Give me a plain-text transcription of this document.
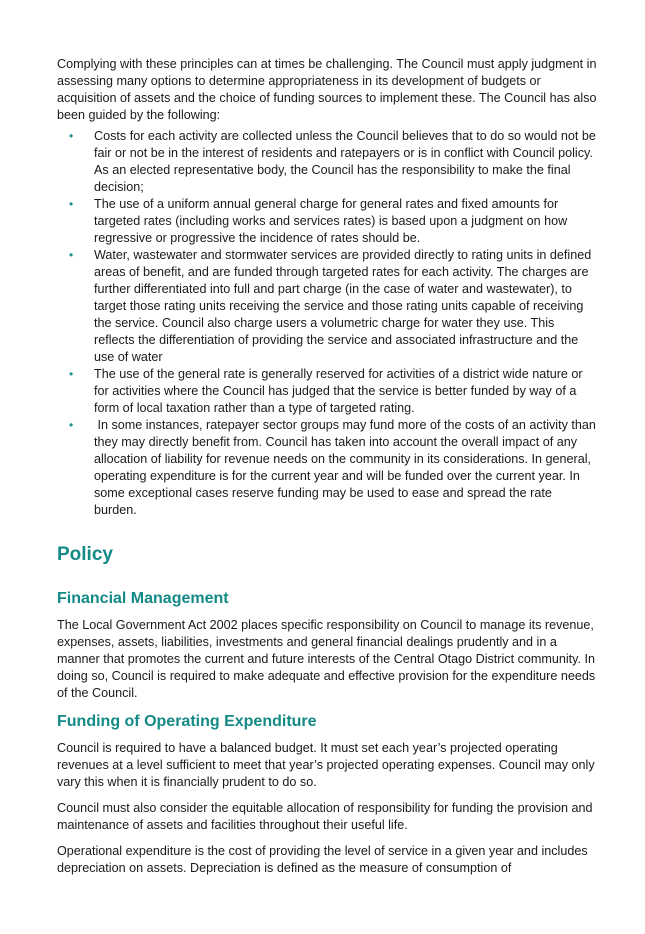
Complying with these principles can at times be challenging. The Council must apply judgment in assessing many options to determine appropriateness in its development of budgets or acquisition of assets and the choice of funding sources to implement these. The Council has also been guided by the following:

• Costs for each activity are collected unless the Council believes that to do so would not be fair or not be in the interest of residents and ratepayers or is in conflict with Council policy. As an elected representative body, the Council has the responsibility to make the final decision;
• The use of a uniform annual general charge for general rates and fixed amounts for targeted rates (including works and services rates) is based upon a judgment on how regressive or progressive the incidence of rates should be.
• Water, wastewater and stormwater services are provided directly to rating units in defined areas of benefit, and are funded through targeted rates for each activity. The charges are further differentiated into full and part charge (in the case of water and wastewater), to target those rating units receiving the service and those rating units capable of receiving the service. Council also charge users a volumetric charge for water they use. This reflects the differentiation of providing the service and associated infrastructure and the use of water
• The use of the general rate is generally reserved for activities of a district wide nature or for activities where the Council has judged that the service is better funded by way of a form of local taxation rather than a type of targeted rating.
• In some instances, ratepayer sector groups may fund more of the costs of an activity than they may directly benefit from. Council has taken into account the overall impact of any allocation of liability for revenue needs on the community in its considerations. In general, operating expenditure is for the current year and will be funded over the current year. In some exceptional cases reserve funding may be used to ease and spread the rate burden.
Policy
Financial Management

The Local Government Act 2002 places specific responsibility on Council to manage its revenue, expenses, assets, liabilities, investments and general financial dealings prudently and in a manner that promotes the current and future interests of the Central Otago District community. In doing so, Council is required to make adequate and effective provision for the expenditure needs of the Council.

Funding of Operating Expenditure

Council is required to have a balanced budget. It must set each year’s projected operating revenues at a level sufficient to meet that year’s projected operating expenses. Council may only vary this when it is financially prudent to do so.

Council must also consider the equitable allocation of responsibility for funding the provision and maintenance of assets and facilities throughout their useful life.

Operational expenditure is the cost of providing the level of service in a given year and includes depreciation on assets. Depreciation is defined as the measure of consumption of
